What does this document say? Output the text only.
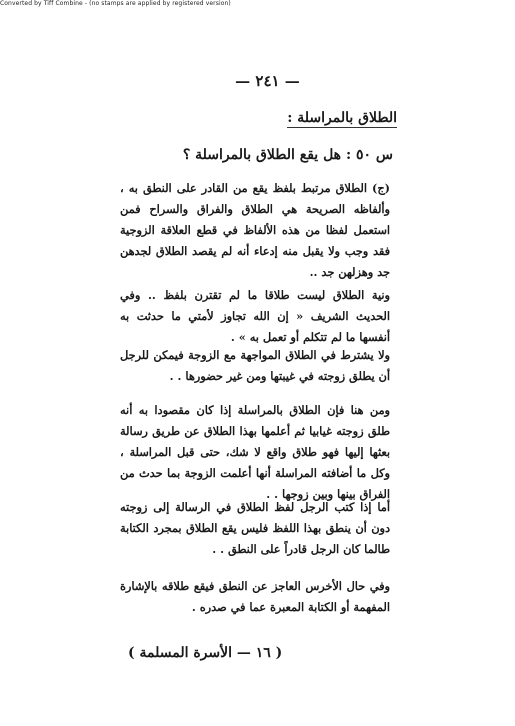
Converted by Tiff Combine - (no stamps are applied by registered version)
— ٢٤١ —
الطلاق بالمراسلة :
س ٥٠ : هل يقع الطلاق بالمراسلة ؟
(ج) الطلاق مرتبط بلفظ يقع من القادر على النطق به ، وألفاظه الصريحة هي الطلاق والفراق والسراح فمن استعمل لفظا من هذه الألفاظ في قطع العلاقة الزوجية فقد وجب ولا يقبل منه إدعاء أنه لم يقصد الطلاق لجدهن جد وهزلهن جد ..
ونية الطلاق ليست طلاقا ما لم تقترن بلفظ .. وفي الحديث الشريف « إن الله تجاوز لأمتي ما حدثت به أنفسها ما لم تتكلم أو تعمل به » .
ولا يشترط في الطلاق المواجهة مع الزوجة فيمكن للرجل أن يطلق زوجته في غيبتها ومن غير حضورها . .
ومن هنا فإن الطلاق بالمراسلة إذا كان مقصودا به أنه طلق زوجته غيابيا ثم أعلمها بهذا الطلاق عن طريق رسالة بعثها إليها فهو طلاق واقع لا شك، حتى قبل المراسلة ، وكل ما أضافته المراسلة أنها أعلمت الزوجة بما حدث من الفراق بينها وبين زوجها . .
أما إذا كتب الرجل لفظ الطلاق في الرسالة إلى زوجته دون أن ينطق بهذا اللفظ فليس يقع الطلاق بمجرد الكتابة طالما كان الرجل قادراً على النطق . .
وفي حال الأخرس العاجز عن النطق فيقع طلاقه بالإشارة المفهمة أو الكتابة المعبرة عما في صدره .
( ١٦ — الأسرة المسلمة )
